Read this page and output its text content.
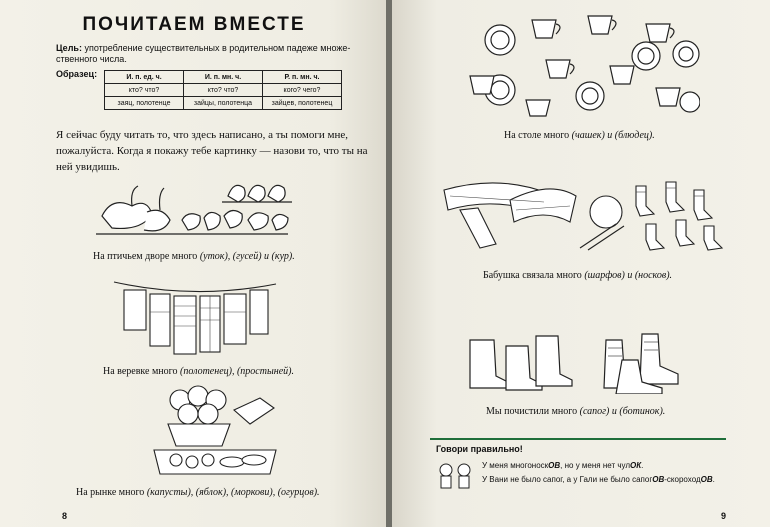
ПОЧИТАЕМ ВМЕСТЕ
Цель: употребление существительных в родительном падеже множе-ственного числа.
Образец:	И. п. ед. ч.	И. п. мн. ч.	Р. п. мн. ч.
кто? что?	кто? что?	кого? чего?
заяц, полотенце	зайцы, полотенца	зайцев, полотенец
Я сейчас буду читать то, что здесь написано, а ты помоги мне, пожалуйста. Когда я покажу тебе картинку — назови то, что ты на ней увидишь.
На птичьем дворе много (уток), (гусей) и (кур).
На веревке много (полотенец), (простыней).
На рынке много (капусты), (яблок), (моркови), (огурцов).
8	9
На столе много (чашек) и (блюдец).
Бабушка связала много (шарфов) и (носков).
Мы почистили много (сапог) и (ботинок).
Говори правильно!
У меня многоноскОВ, но у меня нет чулОК.
У Вани не было сапог, а у Гали не было сапогОВ-скороходОВ.
